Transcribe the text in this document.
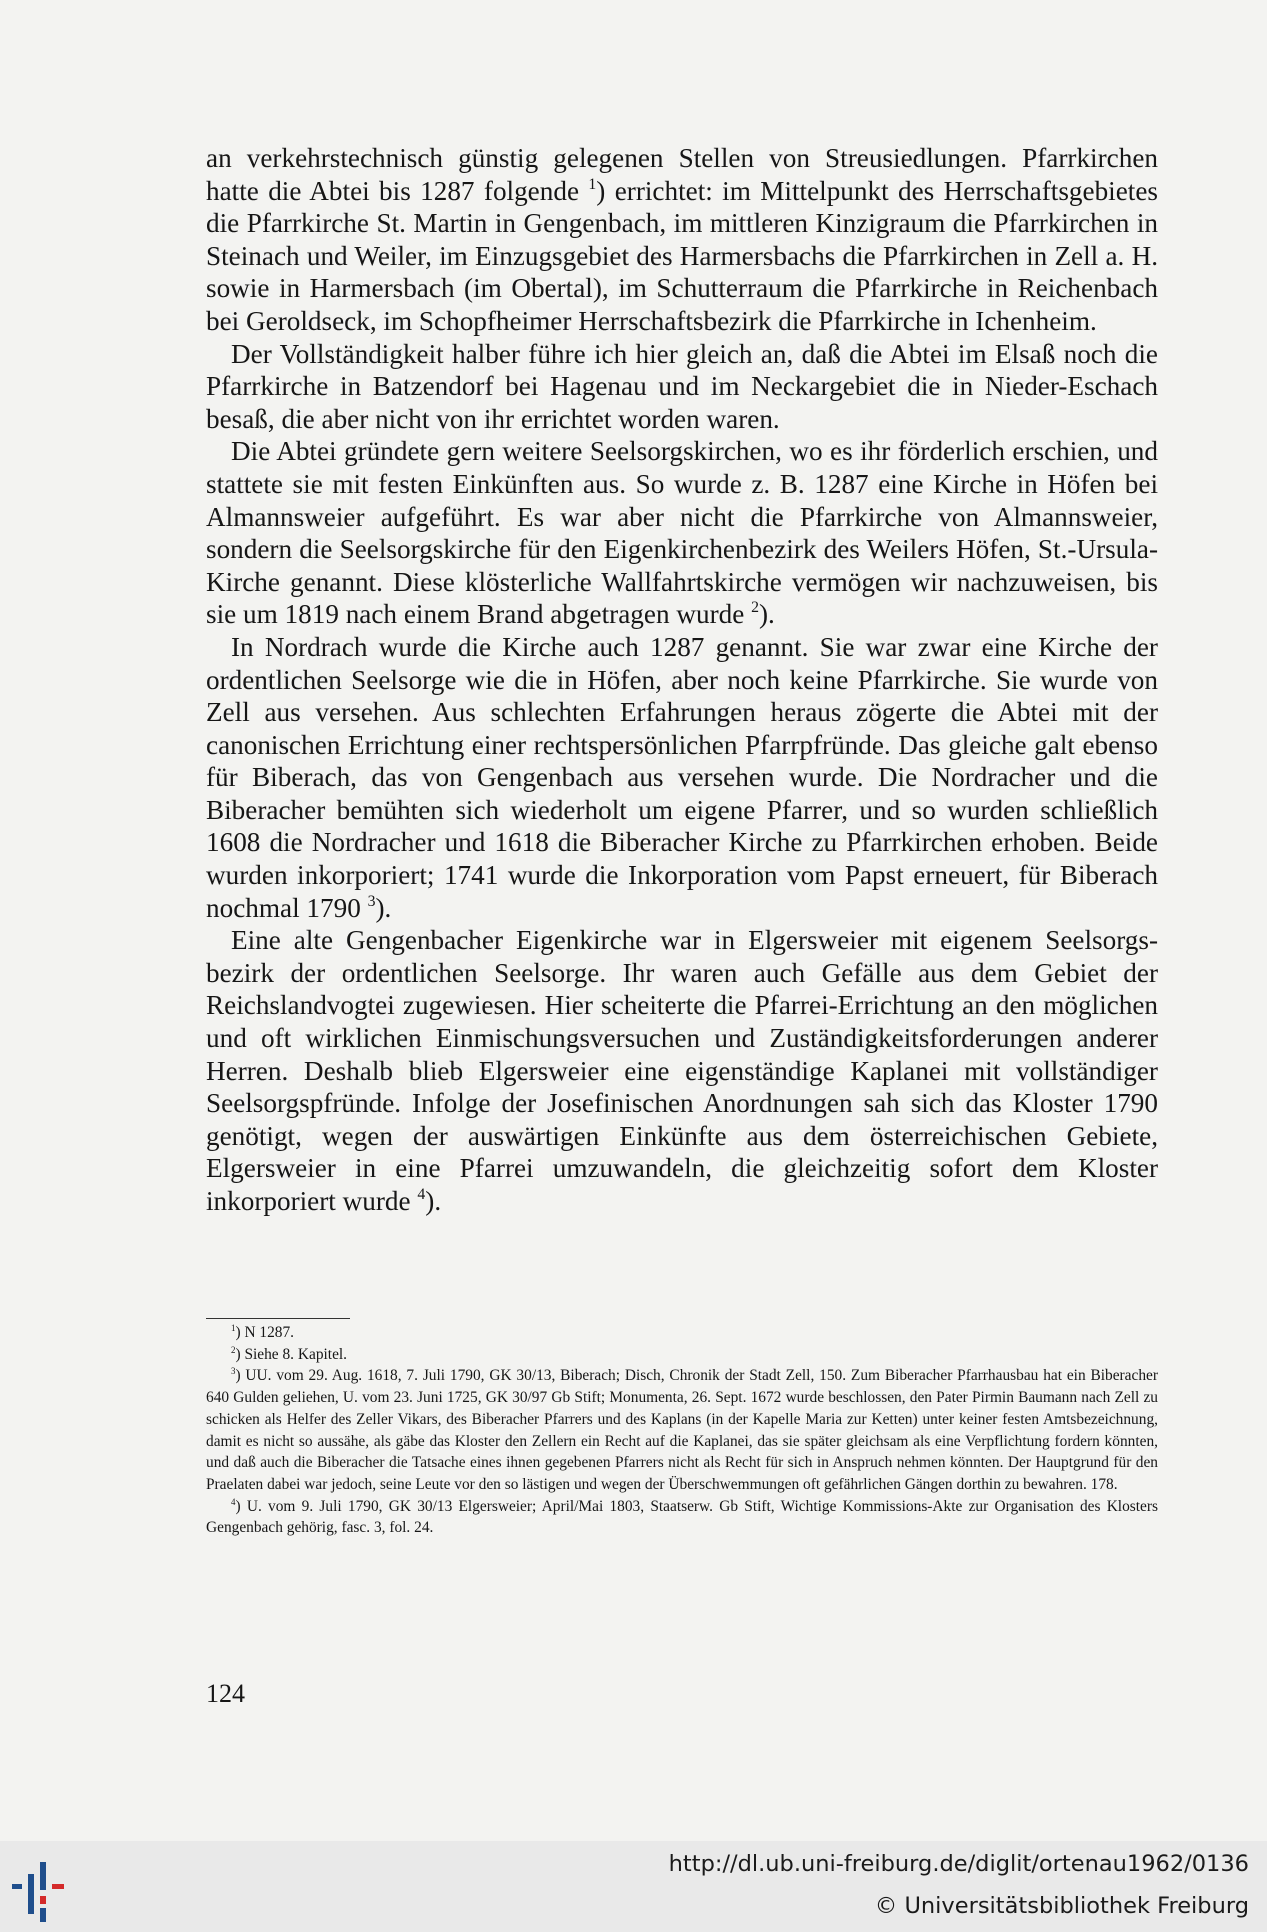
an verkehrstechnisch günstig gelegenen Stellen von Streusiedlungen. Pfarrkirchen hatte die Abtei bis 1287 folgende $^1$) errichtet: im Mittelpunkt des Herrschaftsgebietes die Pfarrkirche St. Martin in Gengenbach, im mittleren Kinzigraum die Pfarrkirchen in Steinach und Weiler, im Einzugsgebiet des Harmersbachs die Pfarrkirchen in Zell a. H. sowie in Harmersbach (im Obertal), im Schutterraum die Pfarrkirche in Reichenbach bei Geroldseck, im Schopfheimer Herrschaftsbezirk die Pfarrkirche in Ichenheim.

Der Vollständigkeit halber führe ich hier gleich an, daß die Abtei im Elsaß noch die Pfarrkirche in Batzendorf bei Hagenau und im Neckargebiet die in Nieder-Eschach besaß, die aber nicht von ihr errichtet worden waren.

Die Abtei gründete gern weitere Seelsorgskirchen, wo es ihr förderlich erschien, und stattete sie mit festen Einkünften aus. So wurde z. B. 1287 eine Kirche in Höfen bei Almannsweier aufgeführt. Es war aber nicht die Pfarrkirche von Almannsweier, sondern die Seelsorgskirche für den Eigenkirchenbezirk des Weilers Höfen, St.-Ursula-Kirche genannt. Diese klösterliche Wallfahrtskirche vermögen wir nachzuweisen, bis sie um 1819 nach einem Brand abgetragen wurde $^2$).

In Nordrach wurde die Kirche auch 1287 genannt. Sie war zwar eine Kirche der ordentlichen Seelsorge wie die in Höfen, aber noch keine Pfarrkirche. Sie wurde von Zell aus versehen. Aus schlechten Erfahrungen heraus zögerte die Abtei mit der canonischen Errichtung einer rechtspersönlichen Pfarrpfründe. Das gleiche galt ebenso für Biberach, das von Gengenbach aus versehen wurde. Die Nordracher und die Biberacher bemühten sich wiederholt um eigene Pfarrer, und so wurden schließlich 1608 die Nordracher und 1618 die Biberacher Kirche zu Pfarrkirchen erhoben. Beide wurden inkorporiert; 1741 wurde die Inkorporation vom Papst erneuert, für Biberach nochmal 1790 $^3$).

Eine alte Gengenbacher Eigenkirche war in Elgersweier mit eigenem Seelsorgsbezirk der ordentlichen Seelsorge. Ihr waren auch Gefälle aus dem Gebiet der Reichslandvogtei zugewiesen. Hier scheiterte die Pfarrei-Errichtung an den möglichen und oft wirklichen Einmischungsversuchen und Zuständigkeitsforderungen anderer Herren. Deshalb blieb Elgersweier eine eigenständige Kaplanei mit vollständiger Seelsorgspfründe. Infolge der Josefinischen Anordnungen sah sich das Kloster 1790 genötigt, wegen der auswärtigen Einkünfte aus dem österreichischen Gebiete, Elgersweier in eine Pfarrei umzuwandeln, die gleichzeitig sofort dem Kloster inkorporiert wurde $^4$).

$^1$) N 1287.

$^2$) Siehe 8. Kapitel.

$^3$) UU. vom 29. Aug. 1618, 7. Juli 1790, GK 30/13, Biberach; Disch, Chronik der Stadt Zell, 150. Zum Biberacher Pfarrhausbau hat ein Biberacher 640 Gulden geliehen, U. vom 23. Juni 1725, GK 30/97 Gb Stift; Monumenta, 26. Sept. 1672 wurde beschlossen, den Pater Pirmin Baumann nach Zell zu schicken als Helfer des Zeller Vikars, des Biberacher Pfarrers und des Kaplans (in der Kapelle Maria zur Ketten) unter keiner festen Amtsbezeichnung, damit es nicht so aussähe, als gäbe das Kloster den Zellern ein Recht auf die Kaplanei, das sie später gleichsam als eine Verpflichtung fordern könnten, und daß auch die Biberacher die Tatsache eines ihnen gegebenen Pfarrers nicht als Recht für sich in Anspruch nehmen könnten. Der Hauptgrund für den Praelaten dabei war jedoch, seine Leute vor den so lästigen und wegen der Überschwemmungen oft gefährlichen Gängen dorthin zu bewahren. 178.

$^4$) U. vom 9. Juli 1790, GK 30/13 Elgersweier; April/Mai 1803, Staatserw. Gb Stift, Wichtige Kommissions-Akte zur Organisation des Klosters Gengenbach gehörig, fasc. 3, fol. 24.

124
http://dl.ub.uni-freiburg.de/diglit/ortenau1962/0136
© Universitätsbibliothek Freiburg
